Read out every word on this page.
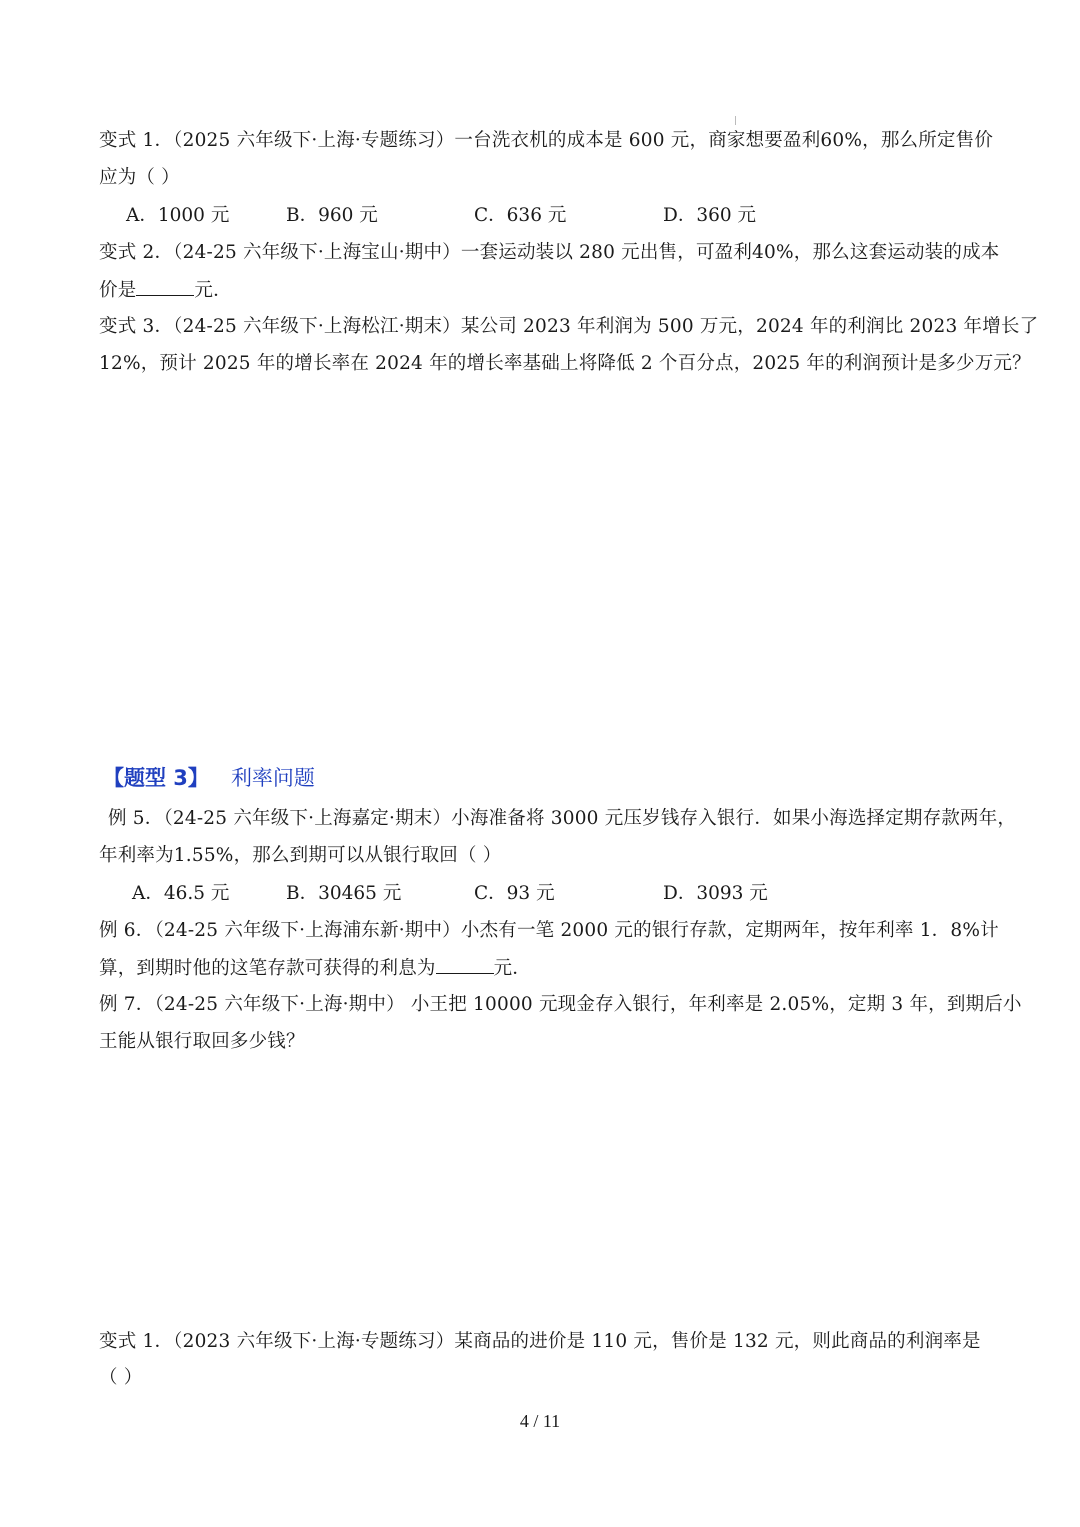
变式 1．（2025 六年级下·上海·专题练习）一台洗衣机的成本是 600 元，商家想要盈利60%，那么所定售价
应为（ ）
A．1000 元	B．960 元	C．636 元	D．360 元
变式 2．（24-25 六年级下·上海宝山·期中）一套运动装以 280 元出售，可盈利40%，那么这套运动装的成本
价是	元．
变式 3．（24-25 六年级下·上海松江·期末）某公司 2023 年利润为 500 万元，2024 年的利润比 2023 年增长了
12%，预计 2025 年的增长率在 2024 年的增长率基础上将降低 2 个百分点，2025 年的利润预计是多少万元？
【题型 3】 利率问题
例 5．（24-25 六年级下·上海嘉定·期末）小海准备将 3000 元压岁钱存入银行．如果小海选择定期存款两年，
年利率为1.55%，那么到期可以从银行取回（ ）
A．46.5 元	B．30465 元	C．93 元	D．3093 元
例 6．（24-25 六年级下·上海浦东新·期中）小杰有一笔 2000 元的银行存款，定期两年，按年利率 1．8%计
算，到期时他的这笔存款可获得的利息为	元．
例 7．（24-25 六年级下·上海·期中） 小王把 10000 元现金存入银行，年利率是 2.05%，定期 3 年，到期后小
王能从银行取回多少钱？
变式 1．（2023 六年级下·上海·专题练习）某商品的进价是 110 元，售价是 132 元，则此商品的利润率是
（ ）
4 / 11
